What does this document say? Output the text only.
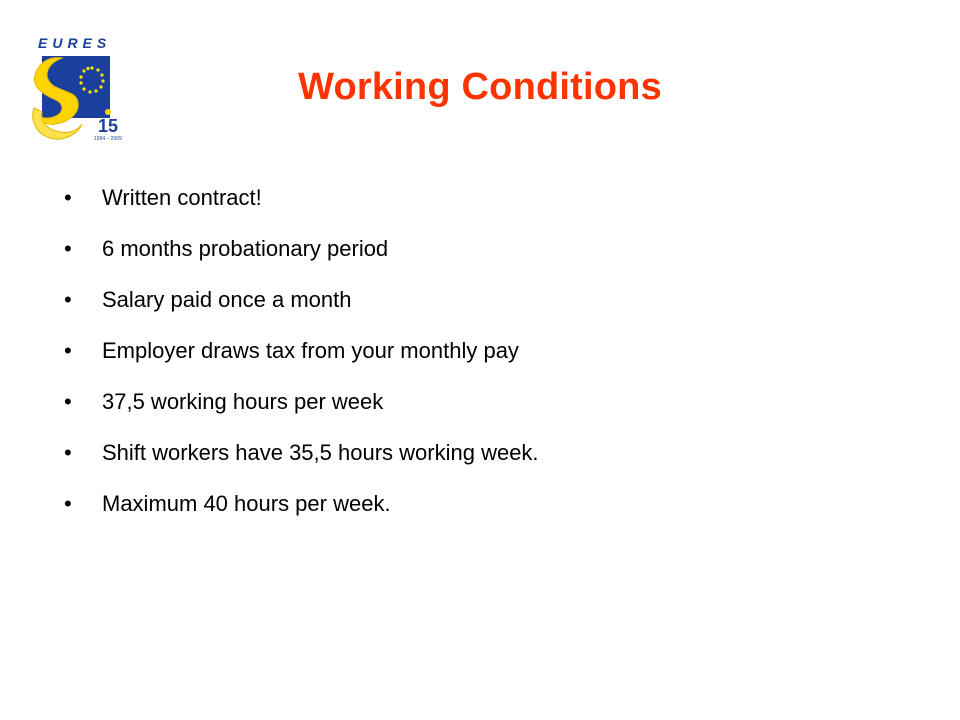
EURES
15
1994 – 2009
Working Conditions
•	Written contract!
•	6 months probationary period
•	Salary paid once a month
•	Employer draws tax from your monthly pay
•	37,5 working hours per week
•	Shift workers have 35,5 hours working week.
•	Maximum 40 hours per week.
